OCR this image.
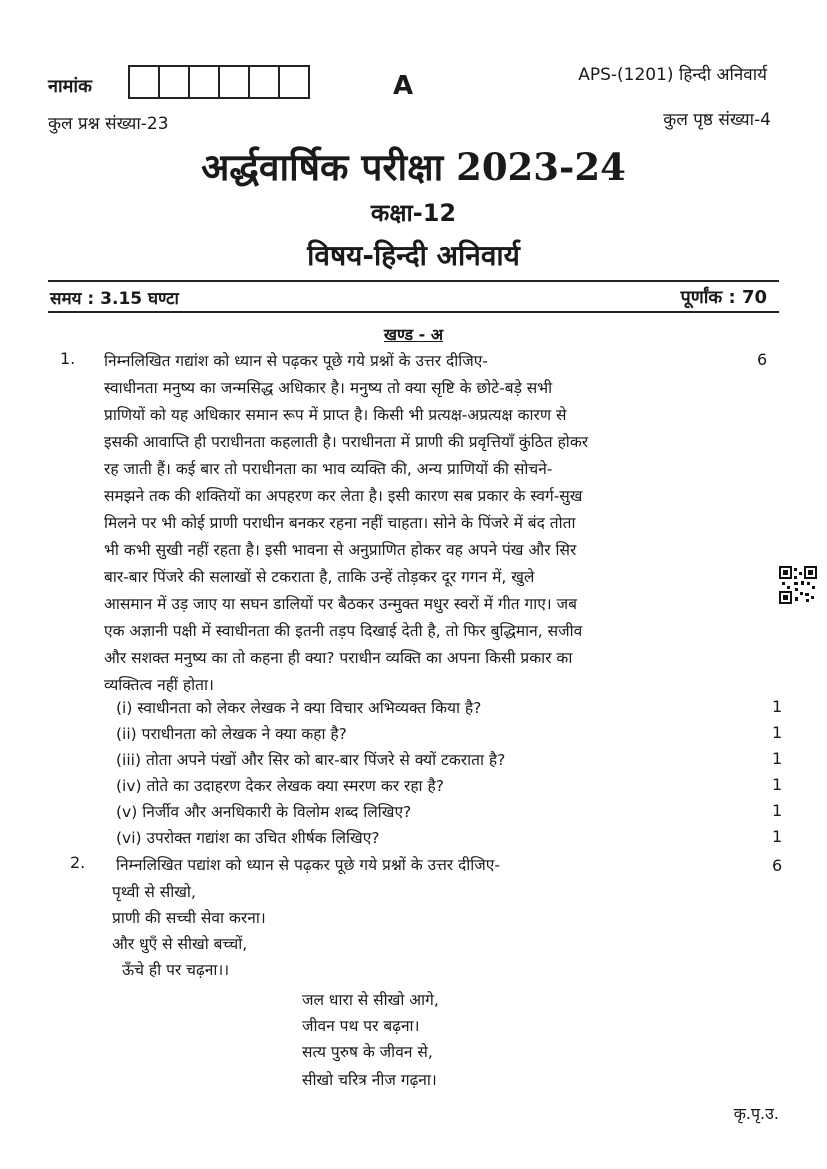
नामांक	A	APS-(1201) हिन्दी अनिवार्य
कुल प्रश्न संख्या-23	कुल पृष्ठ संख्या-4
अर्द्धवार्षिक परीक्षा 2023-24
कक्षा-12
विषय-हिन्दी अनिवार्य
समय : 3.15 घण्टा	पूर्णांक : 70
खण्ड - अ
1. निम्नलिखित गद्यांश को ध्यान से पढ़कर पूछे गये प्रश्नों के उत्तर दीजिए-	6
स्वाधीनता मनुष्य का जन्मसिद्ध अधिकार है। मनुष्य तो क्या सृष्टि के छोटे-बड़े सभी
प्राणियों को यह अधिकार समान रूप में प्राप्त है। किसी भी प्रत्यक्ष-अप्रत्यक्ष कारण से
इसकी आवाप्ति ही पराधीनता कहलाती है। पराधीनता में प्राणी की प्रवृत्तियाँ कुंठित होकर
रह जाती हैं। कई बार तो पराधीनता का भाव व्यक्ति की, अन्य प्राणियों की सोचने-
समझने तक की शक्तियों का अपहरण कर लेता है। इसी कारण सब प्रकार के स्वर्ग-सुख
मिलने पर भी कोई प्राणी पराधीन बनकर रहना नहीं चाहता। सोने के पिंजरे में बंद तोता
भी कभी सुखी नहीं रहता है। इसी भावना से अनुप्राणित होकर वह अपने पंख और सिर
बार-बार पिंजरे की सलाखों से टकराता है, ताकि उन्हें तोड़कर दूर गगन में, खुले
आसमान में उड़ जाए या सघन डालियों पर बैठकर उन्मुक्त मधुर स्वरों में गीत गाए। जब
एक अज्ञानी पक्षी में स्वाधीनता की इतनी तड़प दिखाई देती है, तो फिर बुद्धिमान, सजीव
और सशक्त मनुष्य का तो कहना ही क्या? पराधीन व्यक्ति का अपना किसी प्रकार का
व्यक्तित्व नहीं होता।
(i) स्वाधीनता को लेकर लेखक ने क्या विचार अभिव्यक्त किया है?	1
(ii) पराधीनता को लेखक ने क्या कहा है?	1
(iii) तोता अपने पंखों और सिर को बार-बार पिंजरे से क्यों टकराता है?	1
(iv) तोते का उदाहरण देकर लेखक क्या स्मरण कर रहा है?	1
(v) निर्जीव और अनधिकारी के विलोम शब्द लिखिए?	1
(vi) उपरोक्त गद्यांश का उचित शीर्षक लिखिए?	1
2. निम्नलिखित पद्यांश को ध्यान से पढ़कर पूछे गये प्रश्नों के उत्तर दीजिए-	6
पृथ्वी से सीखो,
प्राणी की सच्ची सेवा करना।
और धुएँ से सीखो बच्चों,
ऊँचे ही पर चढ़ना।।
जल धारा से सीखो आगे,
जीवन पथ पर बढ़ना।
सत्य पुरुष के जीवन से,
सीखो चरित्र नीज गढ़ना।
कृ.पृ.उ.
